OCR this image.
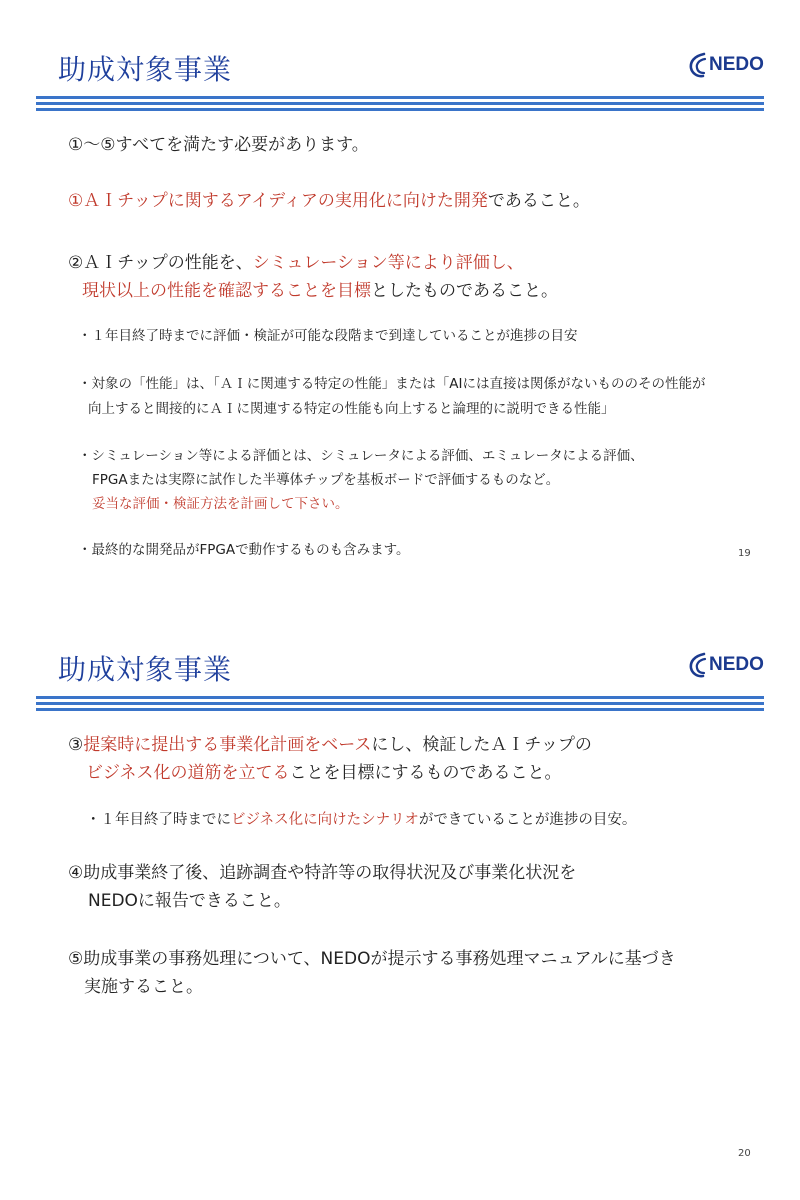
助成対象事業	NEDO
①～⑤すべてを満たす必要があります。
①ＡＩチップに関するアイディアの実用化に向けた開発であること。
②ＡＩチップの性能を、シミュレーション等により評価し、
現状以上の性能を確認することを目標としたものであること。
・１年目終了時までに評価・検証が可能な段階まで到達していることが進捗の目安
・対象の「性能」は、「ＡＩに関連する特定の性能」または「AIには直接は関係がないもののその性能が
向上すると間接的にＡＩに関連する特定の性能も向上すると論理的に説明できる性能」
・シミュレーション等による評価とは、シミュレータによる評価、エミュレータによる評価、
FPGAまたは実際に試作した半導体チップを基板ボードで評価するものなど。
妥当な評価・検証方法を計画して下さい。
・最終的な開発品がFPGAで動作するものも含みます。	19
助成対象事業	NEDO
③提案時に提出する事業化計画をベースにし、検証したＡＩチップの
ビジネス化の道筋を立てることを目標にするものであること。
・１年目終了時までにビジネス化に向けたシナリオができていることが進捗の目安。
④助成事業終了後、追跡調査や特許等の取得状況及び事業化状況を
NEDOに報告できること。
⑤助成事業の事務処理について、NEDOが提示する事務処理マニュアルに基づき
実施すること。
20
